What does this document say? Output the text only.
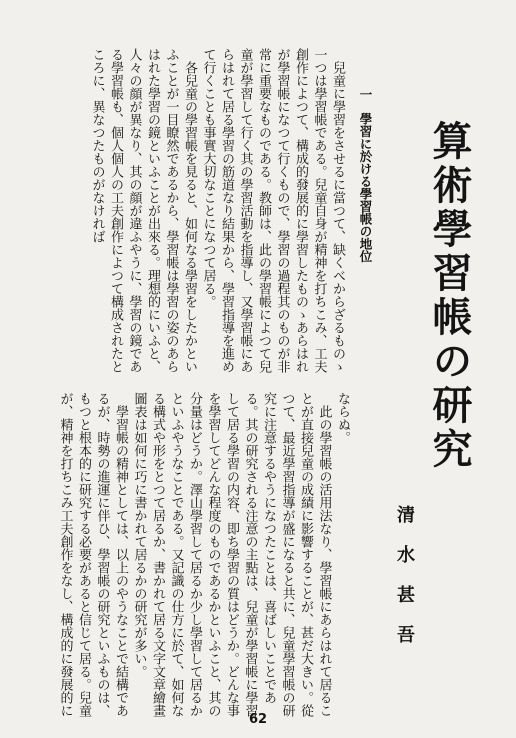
算術學習帳の研究
清水甚吾
一學習に於ける學習帳の地位

兒童に學習をさせるに當つて、缺くべからざるものゝ一つは學習帳である。兒童自身が精神を打ちこみ、工夫創作によつて、構成的發展的に學習したものゝあらはれが學習帳になつて行くもので、學習の過程其のものが非常に重要なものである。教師は、此の學習帳によつて兒童が學習して行く其の學習活動を指導し、又學習帳にあらはれて居る學習の筋道なり結果から、學習指導を進めて行くことも事實大切なことになつて居る。

各兒童の學習帳を見ると、如何なる學習をしたかといふことが一目瞭然であるから、學習帳は學習の姿のあらはれた學習の鏡といふことが出來る。理想的にいふと、人々の顔が異なり、其の顔が違ふやうに、學習の鏡である學習帳も、個人個人の工夫創作によつて構成されたところに、異なつたものがなければ

ならぬ。

此の學習帳の活用法なり、學習帳にあらはれて居ることが直接兒童の成績に影響することが、甚だ大きい。從つて、最近學習指導が盛になると共に、兒童學習帳の研究に注意するやうになつたことは、喜ばしいことである。其の研究される注意の主點は、兒童が學習帳に學習して居る學習の内容、即ち學習の質はどうか。どんな事を學習してどんな程度のものであるかといふこと、其の分量はどうか。澤山學習して居るか少し學習して居るかといふやうなことである。又記識の仕方に於て、如何なる構式や形をとつて居るか、書かれて居る文字文章繪畫圖表は如何に巧に書かれて居るかの研究が多い。

學習帳の精神としては、以上のやうなことで結構であるが、時勢の進運に伴ひ、學習帳の研究といふものは、もつと根本的に研究する必要があると信じて居る。兒童が、精神を打ちこみ工夫創作をなし、構成的に發展的に

62
